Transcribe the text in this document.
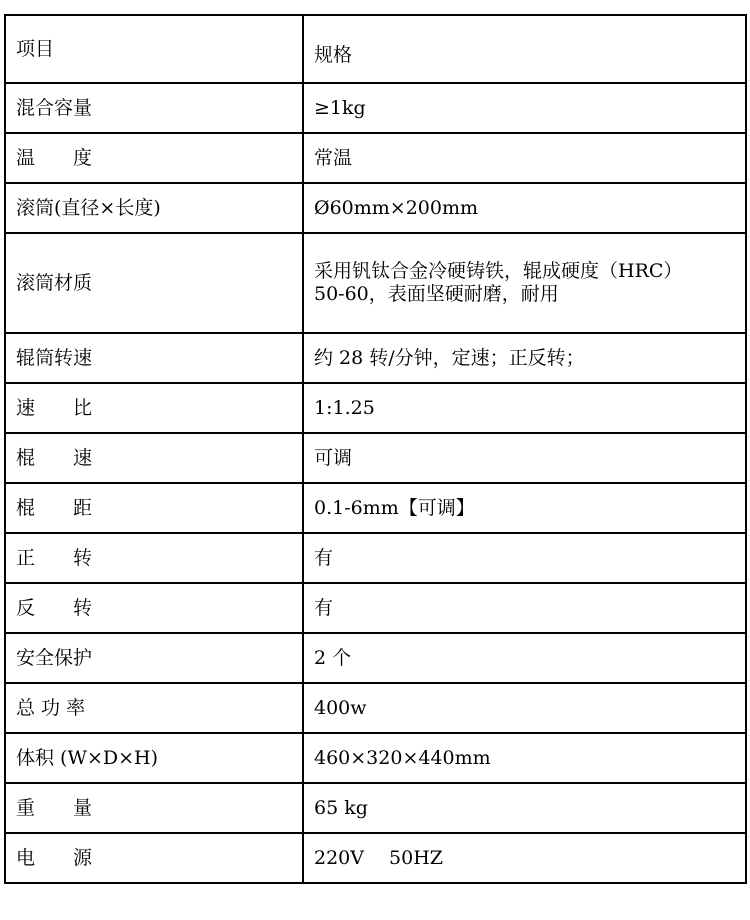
项目	规格
混合容量	≥1kg
温　　度	常温
滚筒(直径×长度)	Ø60mm×200mm
滚筒材质	采用钒钛合金冷硬铸铁，辊成硬度（HRC）
50-60，表面坚硬耐磨，耐用

辊筒转速	约 28 转/分钟，定速；正反转；
速　　比	1:1.25
棍　　速	可调
棍　　距	0.1-6mm【可调】
正　　转	有
反　　转	有
安全保护	2 个
总 功 率	400w
体积 (W×D×H)	460×320×440mm
重　　量	65 kg
电　　源	220V　 50HZ
